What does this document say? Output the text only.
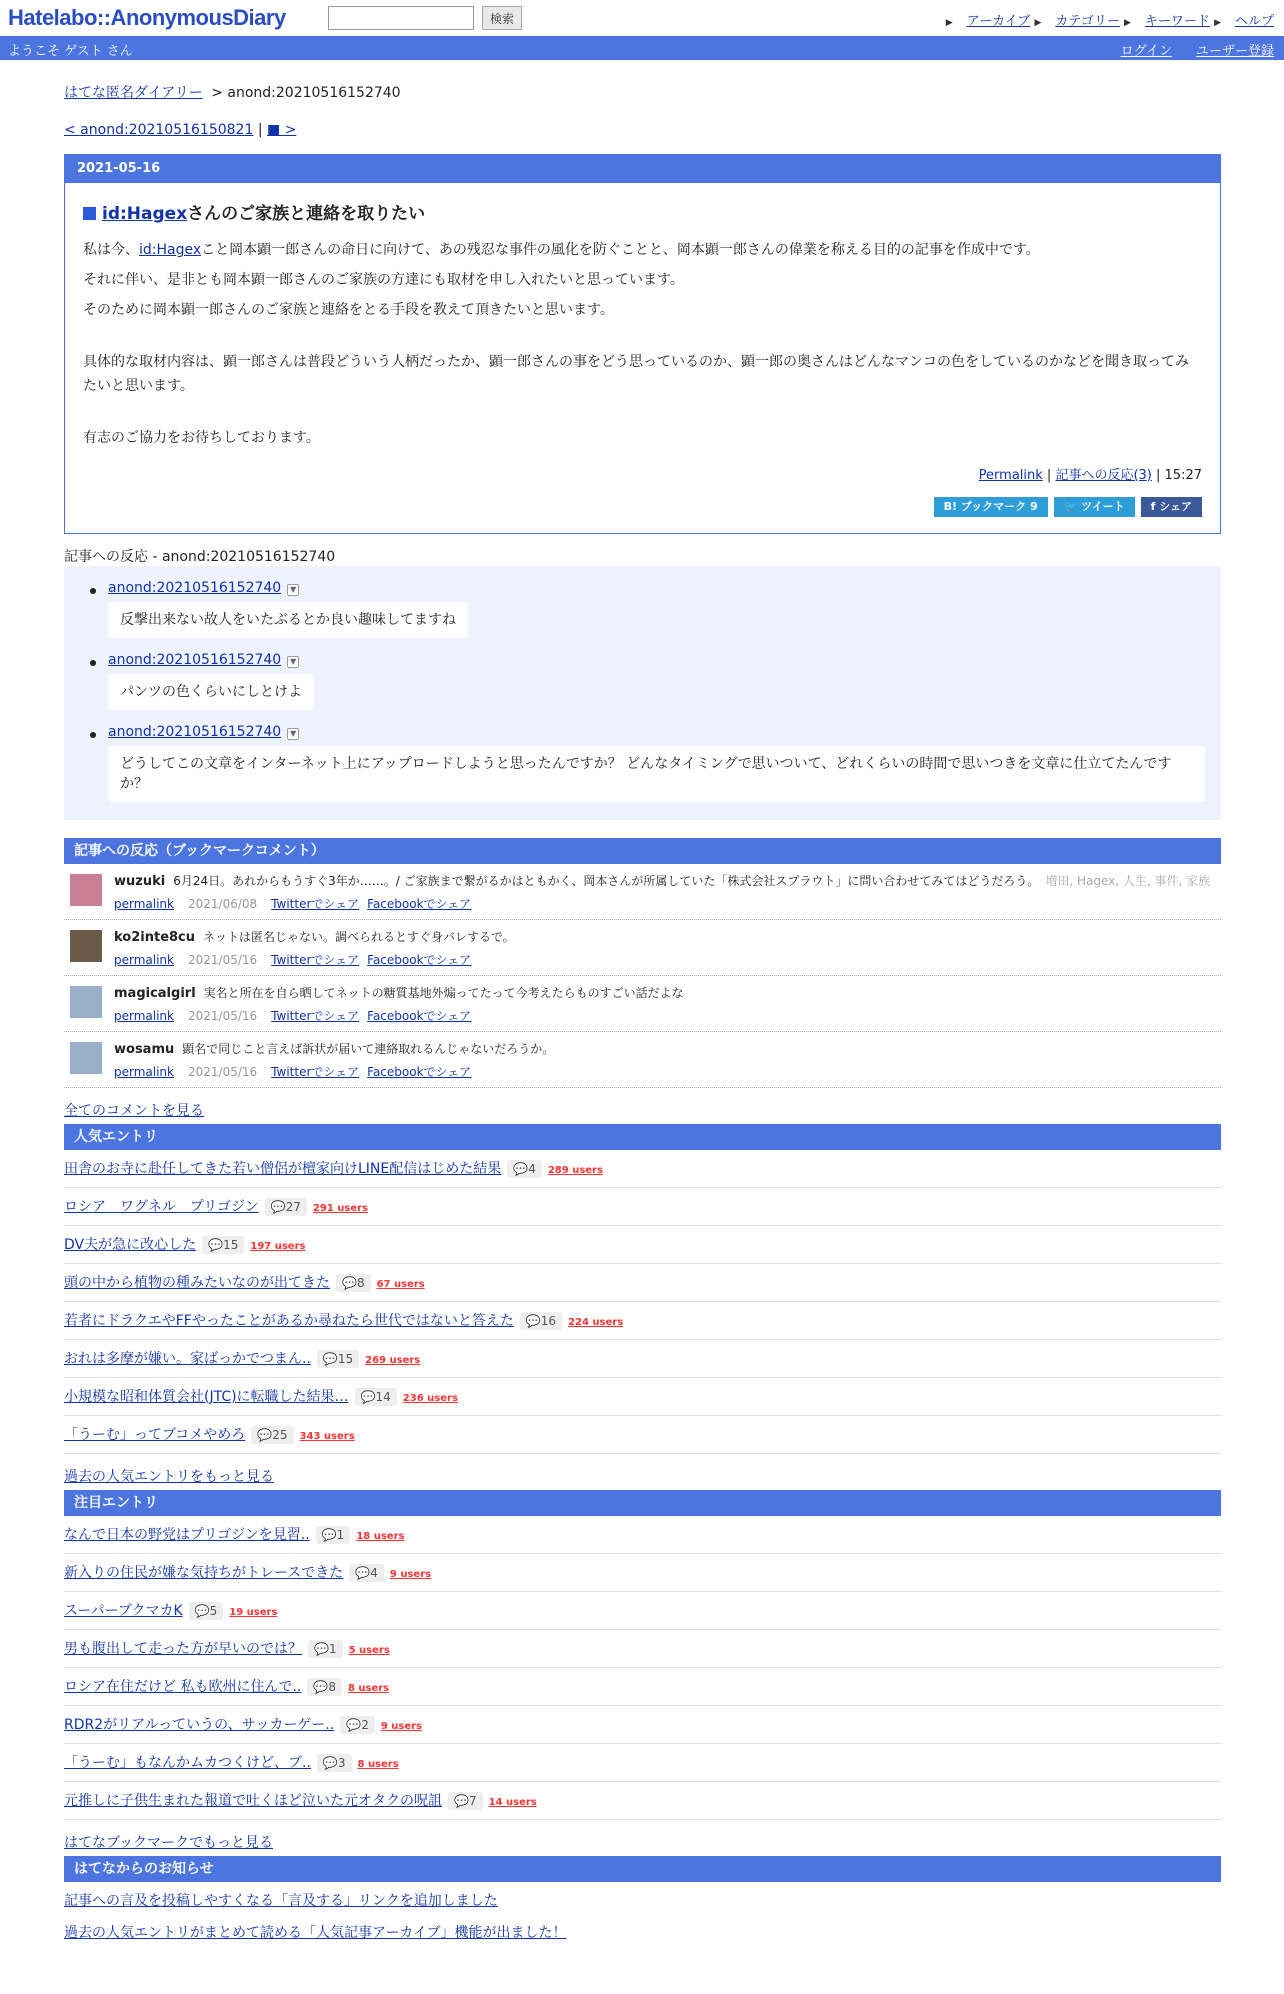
Hatelabo::AnonymousDiary	検索	▶ アーカイブ ▶ カテゴリー ▶ キーワード ▶ ヘルプ
ようこそ ゲスト さん	ログイン ユーザー登録
はてな匿名ダイアリー > anond:20210516152740
< anond:20210516150821 | ■ >
2021-05-16
id:Hagexさんのご家族と連絡を取りたい

私は今、id:Hagexこと岡本顕一郎さんの命日に向けて、あの残忍な事件の風化を防ぐことと、岡本顕一郎さんの偉業を称える目的の記事を作成中です。

それに伴い、是非とも岡本顕一郎さんのご家族の方達にも取材を申し入れたいと思っています。

そのために岡本顕一郎さんのご家族と連絡をとる手段を教えて頂きたいと思います。

具体的な取材内容は、顕一郎さんは普段どういう人柄だったか、顕一郎さんの事をどう思っているのか、顕一郎の奥さんはどんなマンコの色をしているのかなどを聞き取ってみたいと思います。

有志のご協力をお待ちしております。

Permalink | 記事への反応(3) | 15:27
B! ブックマーク 9 🐦 ツイート f シェア
記事への反応 - anond:20210516152740
anond:20210516152740 ▼
反撃出来ない故人をいたぶるとか良い趣味してますね
anond:20210516152740 ▼
パンツの色くらいにしとけよ
anond:20210516152740 ▼

どうしてこの文章をインターネット上にアップロードしようと思ったんですか？ どんなタイミングで思いついて、どれくらいの時間で思いつきを文章に仕立てたんですか？
記事への反応（ブックマークコメント）
wuzuki 6月24日。あれからもうすぐ3年か……。/ ご家族まで繋がるかはともかく、岡本さんが所属していた「株式会社スプラウト」に問い合わせてみてはどうだろう。　 増田, Hagex, 人生, 事件, 家族
permalink 2021/06/08 Twitterでシェア Facebookでシェア
ko2inte8cu ネットは匿名じゃない。調べられるとすぐ身バレするで。
permalink 2021/05/16 Twitterでシェア Facebookでシェア
magicalgirl 実名と所在を自ら晒してネットの糖質基地外煽ってたって今考えたらものすごい話だよな
permalink 2021/05/16 Twitterでシェア Facebookでシェア
wosamu 顕名で同じこと言えば訴状が届いて連絡取れるんじゃないだろうか。
permalink 2021/05/16 Twitterでシェア Facebookでシェア
全てのコメントを見る
人気エントリ
田舎のお寺に赴任してきた若い僧侶が檀家向けLINE配信はじめた結果 💬4 289 users
ロシア　ワグネル　プリゴジン 💬27 291 users
DV夫が急に改心した 💬15 197 users
頭の中から植物の種みたいなのが出てきた 💬8 67 users
若者にドラクエやFFやったことがあるか尋ねたら世代ではないと答えた 💬16 224 users
おれは多摩が嫌い。家ばっかでつまん.. 💬15 269 users
小規模な昭和体質会社(JTC)に転職した結果… 💬14 236 users
「うーむ」ってブコメやめろ 💬25 343 users
過去の人気エントリをもっと見る
注目エントリ
なんで日本の野党はプリゴジンを見習.. 💬1 18 users
新入りの住民が嫌な気持ちがトレースできた 💬4 9 users
スーパーブクマカK 💬5 19 users
男も腹出して走った方が早いのでは？ 💬1 5 users
ロシア在住だけど 私も欧州に住んで.. 💬8 8 users
RDR2がリアルっていうの、サッカーゲー.. 💬2 9 users
「うーむ」もなんかムカつくけど、ブ.. 💬3 8 users
元推しに子供生まれた報道で吐くほど泣いた元オタクの呪詛 💬7 14 users
はてなブックマークでもっと見る
はてなからのお知らせ
記事への言及を投稿しやすくなる「言及する」リンクを追加しました
過去の人気エントリがまとめて読める「人気記事アーカイブ」機能が出ました！
